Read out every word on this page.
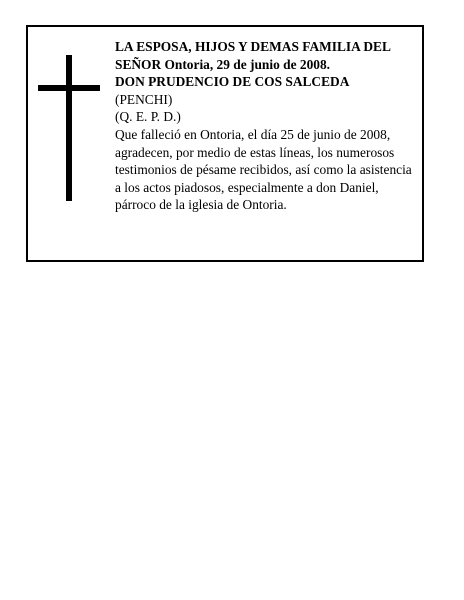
LA ESPOSA, HIJOS Y DEMAS FAMILIA DEL

SEÑOR Ontoria, 29 de junio de 2008.

DON PRUDENCIO DE COS SALCEDA

(PENCHI)

(Q. E. P. D.)

Que falleció en Ontoria, el día 25 de junio de 2008,

agradecen, por medio de estas líneas, los numerosos

testimonios de pésame recibidos, así como la asistencia

a los actos piadosos, especialmente a don Daniel,

párroco de la iglesia de Ontoria.
